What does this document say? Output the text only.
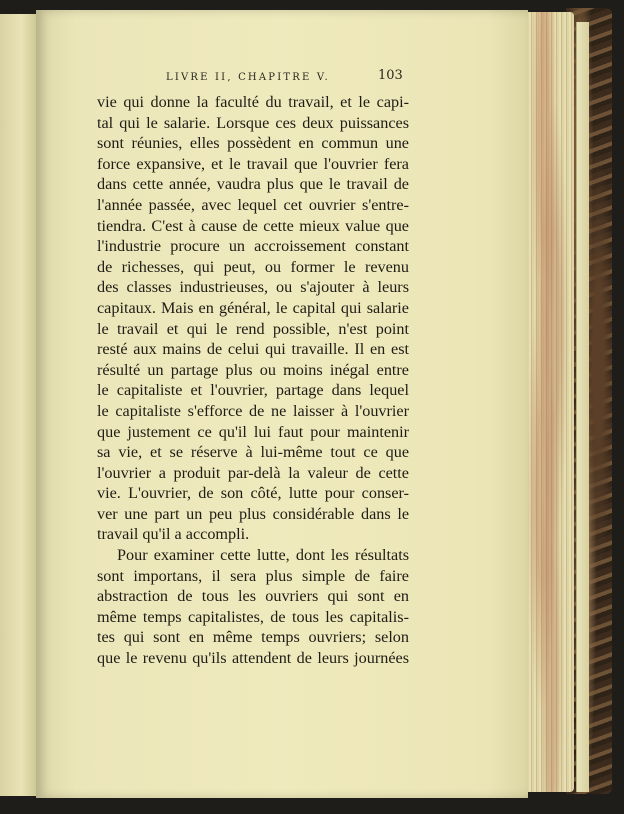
LIVRE II, CHAPITRE V.	103
vie qui donne la faculté du travail, et le capi-
tal qui le salarie. Lorsque ces deux puissances
sont réunies, elles possèdent en commun une
force expansive, et le travail que l'ouvrier fera
dans cette année, vaudra plus que le travail de
l'année passée, avec lequel cet ouvrier s'entre-
tiendra. C'est à cause de cette mieux value que
l'industrie procure un accroissement constant
de richesses, qui peut, ou former le revenu
des classes industrieuses, ou s'ajouter à leurs
capitaux. Mais en général, le capital qui salarie
le travail et qui le rend possible, n'est point
resté aux mains de celui qui travaille. Il en est
résulté un partage plus ou moins inégal entre
le capitaliste et l'ouvrier, partage dans lequel
le capitaliste s'efforce de ne laisser à l'ouvrier
que justement ce qu'il lui faut pour maintenir
sa vie, et se réserve à lui-même tout ce que
l'ouvrier a produit par-delà la valeur de cette
vie. L'ouvrier, de son côté, lutte pour conser-
ver une part un peu plus considérable dans le
travail qu'il a accompli.
Pour examiner cette lutte, dont les résultats
sont importans, il sera plus simple de faire
abstraction de tous les ouvriers qui sont en
même temps capitalistes, de tous les capitalis-
tes qui sont en même temps ouvriers; selon
que le revenu qu'ils attendent de leurs journées
